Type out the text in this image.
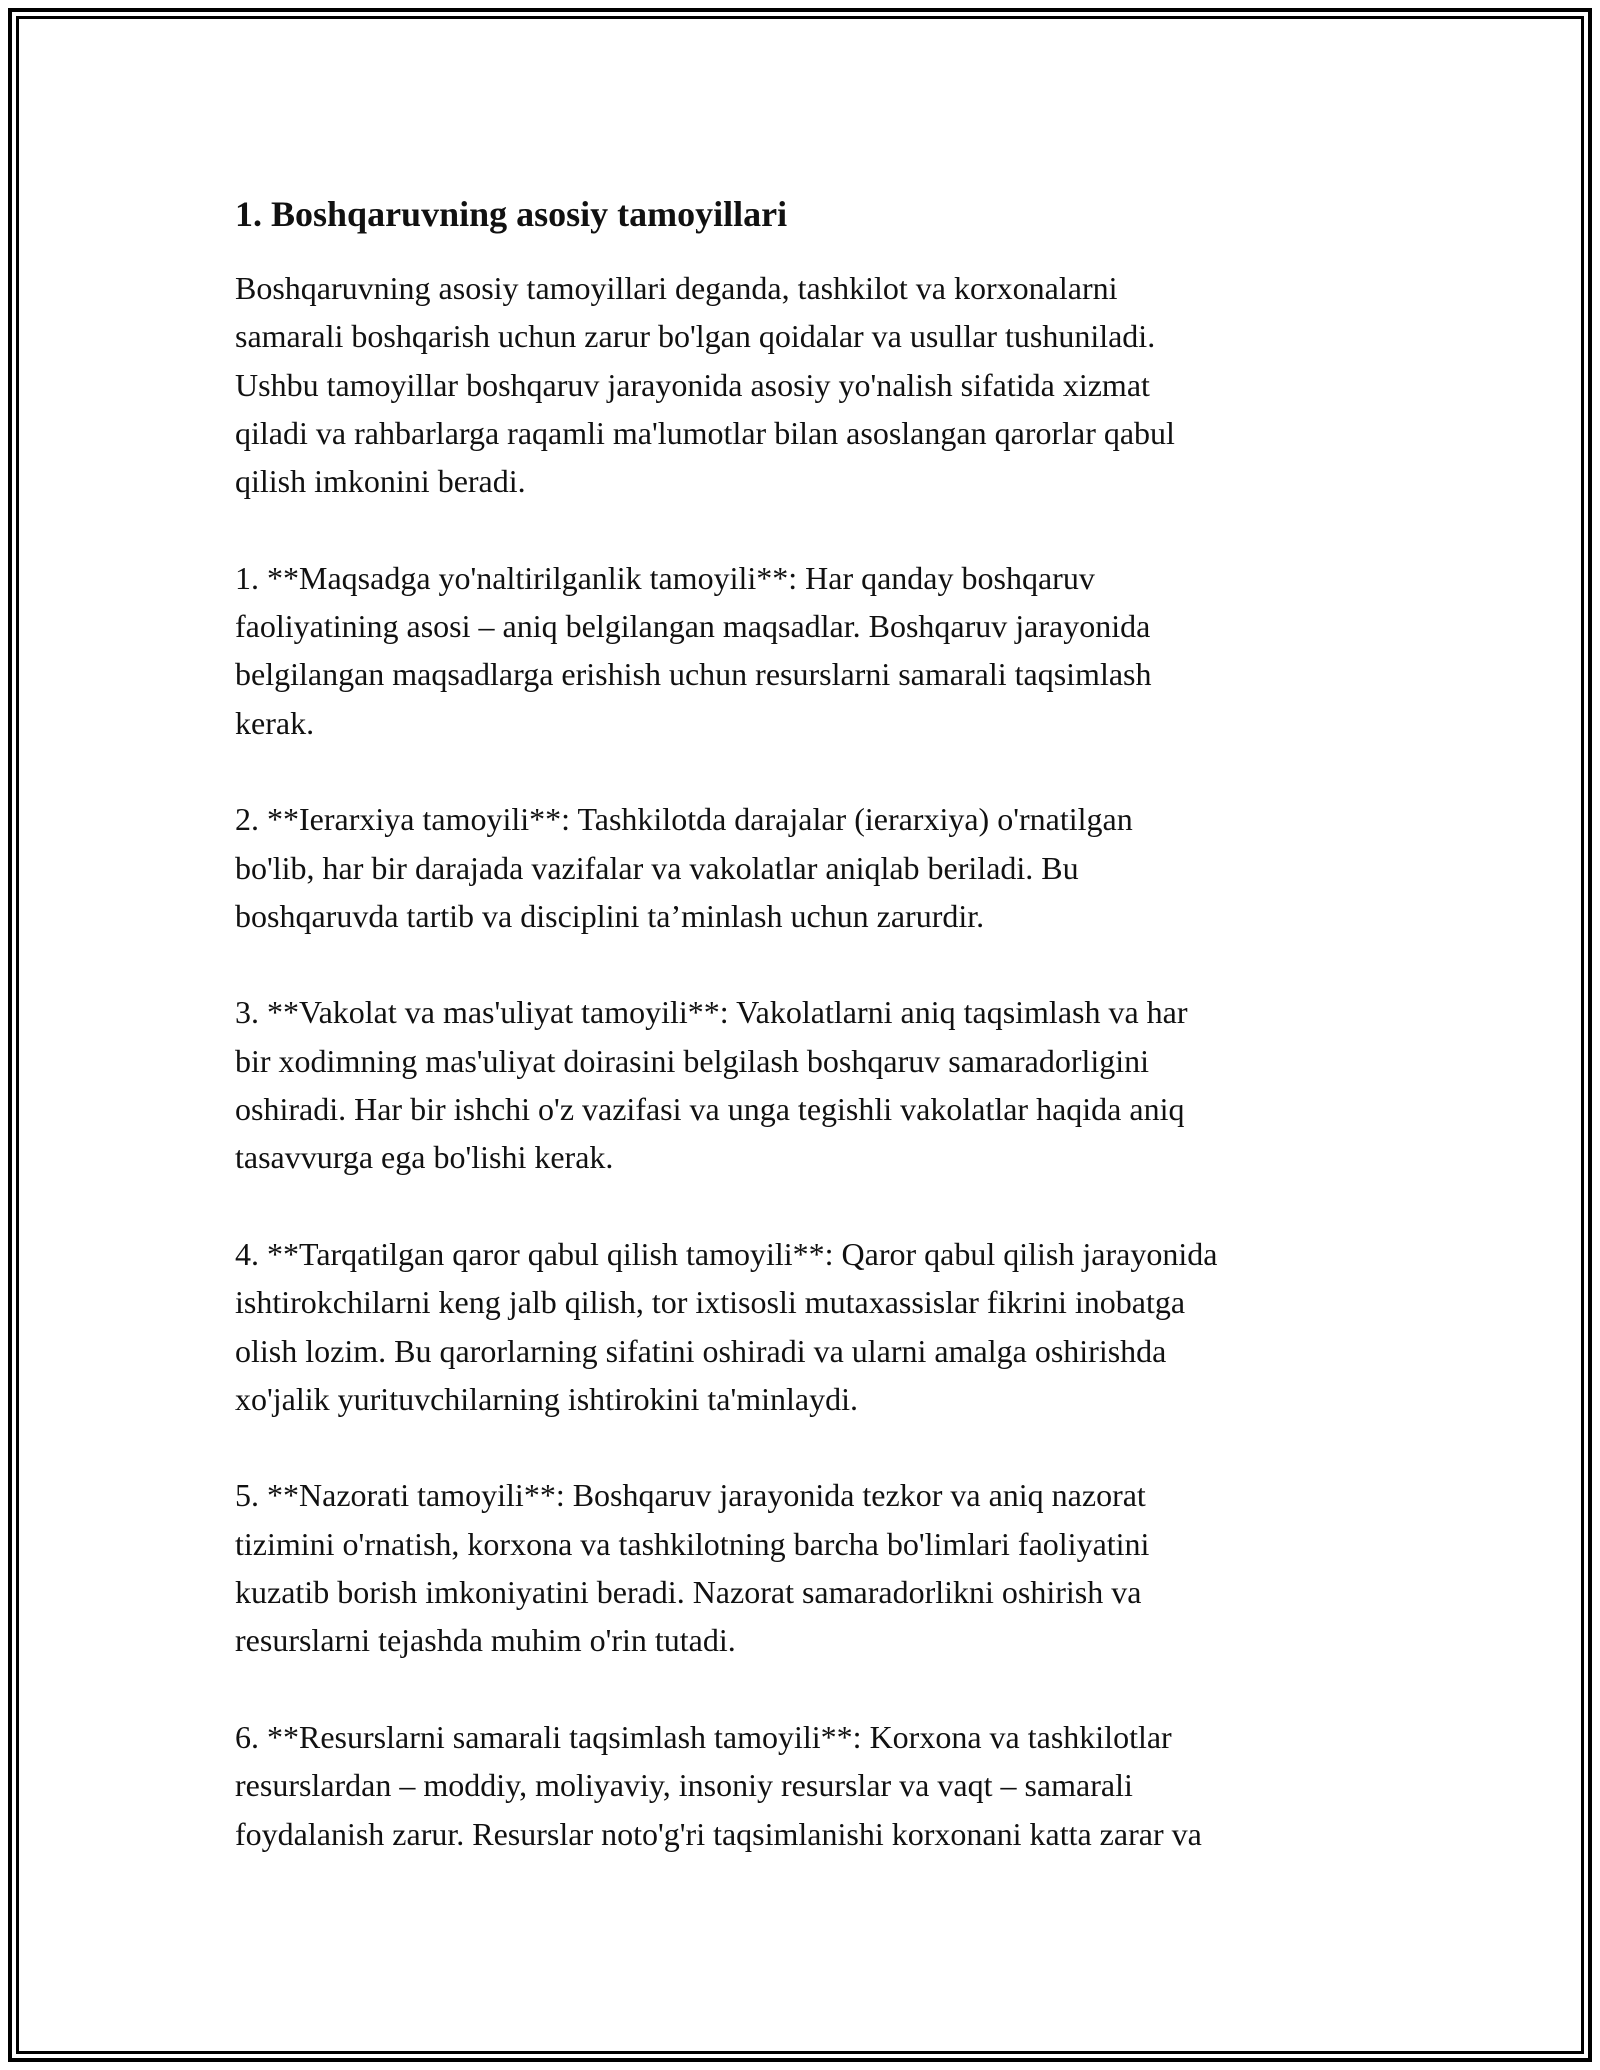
1. Boshqaruvning asosiy tamoyillari
Boshqaruvning asosiy tamoyillari deganda, tashkilot va korxonalarni
samarali boshqarish uchun zarur bo'lgan qoidalar va usullar tushuniladi.
Ushbu tamoyillar boshqaruv jarayonida asosiy yo'nalish sifatida xizmat
qiladi va rahbarlarga raqamli ma'lumotlar bilan asoslangan qarorlar qabul
qilish imkonini beradi.
1. **Maqsadga yo'naltirilganlik tamoyili**: Har qanday boshqaruv
faoliyatining asosi – aniq belgilangan maqsadlar. Boshqaruv jarayonida
belgilangan maqsadlarga erishish uchun resurslarni samarali taqsimlash
kerak.
2. **Ierarxiya tamoyili**: Tashkilotda darajalar (ierarxiya) o'rnatilgan
bo'lib, har bir darajada vazifalar va vakolatlar aniqlab beriladi. Bu
boshqaruvda tartib va disciplini ta’minlash uchun zarurdir.
3. **Vakolat va mas'uliyat tamoyili**: Vakolatlarni aniq taqsimlash va har
bir xodimning mas'uliyat doirasini belgilash boshqaruv samaradorligini
oshiradi. Har bir ishchi o'z vazifasi va unga tegishli vakolatlar haqida aniq
tasavvurga ega bo'lishi kerak.
4. **Tarqatilgan qaror qabul qilish tamoyili**: Qaror qabul qilish jarayonida
ishtirokchilarni keng jalb qilish, tor ixtisosli mutaxassislar fikrini inobatga
olish lozim. Bu qarorlarning sifatini oshiradi va ularni amalga oshirishda
xo'jalik yurituvchilarning ishtirokini ta'minlaydi.
5. **Nazorati tamoyili**: Boshqaruv jarayonida tezkor va aniq nazorat
tizimini o'rnatish, korxona va tashkilotning barcha bo'limlari faoliyatini
kuzatib borish imkoniyatini beradi. Nazorat samaradorlikni oshirish va
resurslarni tejashda muhim o'rin tutadi.
6. **Resurslarni samarali taqsimlash tamoyili**: Korxona va tashkilotlar
resurslardan – moddiy, moliyaviy, insoniy resurslar va vaqt – samarali
foydalanish zarur. Resurslar noto'g'ri taqsimlanishi korxonani katta zarar va
